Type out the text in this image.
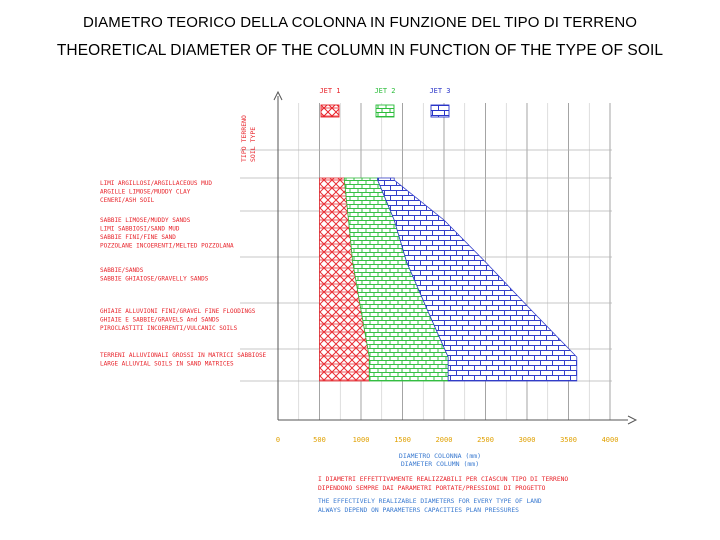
DIAMETRO TEORICO DELLA COLONNA IN FUNZIONE DEL TIPO DI TERRENO
THEORETICAL DIAMETER OF THE COLUMN IN FUNCTION OF THE TYPE OF SOIL
0	500	1000	1500	2000	2500	3000	3500	4000
DIAMETRO COLONNA (mm)
DIAMETER COLUMN (mm)
TIPO TERRENO SOIL TYPE
LIMI ARGILLOSI/ARGILLACEOUS MUD
ARGILLE LIMOSE/MUDDY CLAY
CENERI/ASH SOIL
SABBIE LIMOSE/MUDDY SANDS
LIMI SABBIOSI/SAND MUD
SABBIE FINI/FINE SAND
POZZOLANE INCOERENTI/MELTED POZZOLANA
SABBIE/SANDS
SABBIE GHIAIOSE/GRAVELLY SANDS
GHIAIE ALLUVIONI FINI/GRAVEL FINE FLOODINGS
GHIAIE E SABBIE/GRAVELS And SANDS
PIROCLASTITI INCOERENTI/VULCANIC SOILS
TERRENI ALLUVIONALI GROSSI IN MATRICI SABBIOSE
LARGE ALLUVIAL SOILS IN SAND MATRICES
JET 1	JET 2	JET 3
I DIAMETRI EFFETTIVAMENTE REALIZZABILI PER CIASCUN TIPO DI TERRENO
DIPENDONO SEMPRE DAI PARAMETRI PORTATE/PRESSIONI DI PROGETTO
THE EFFECTIVELY REALIZABLE DIAMETERS FOR EVERY TYPE OF LAND
ALWAYS DEPEND ON PARAMETERS CAPACITIES PLAN PRESSURES
